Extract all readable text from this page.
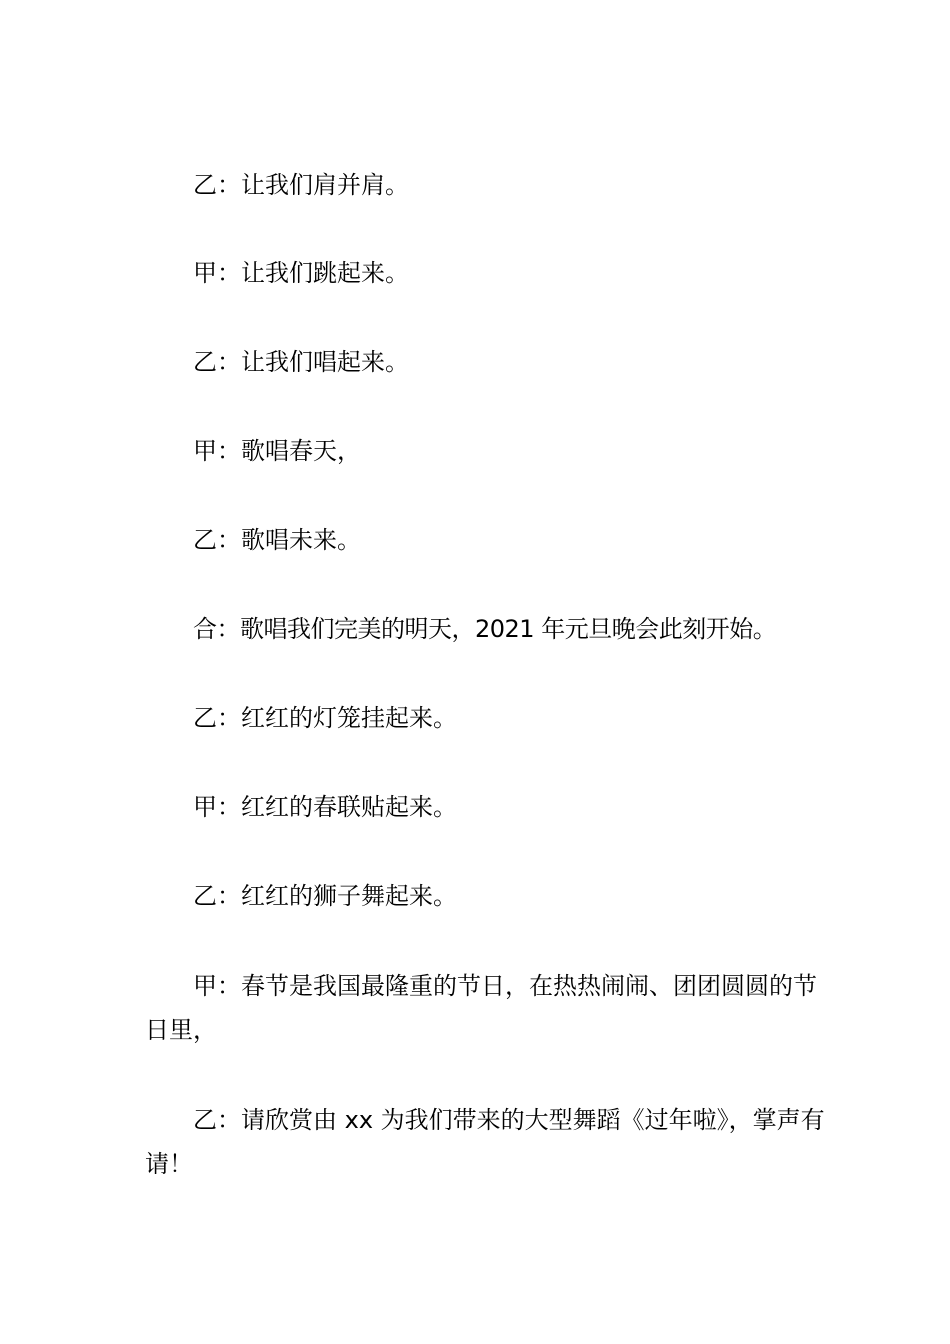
乙：让我们肩并肩。

甲：让我们跳起来。

乙：让我们唱起来。

甲：歌唱春天，

乙：歌唱未来。

合：歌唱我们完美的明天，2021 年元旦晚会此刻开始。

乙：红红的灯笼挂起来。

甲：红红的春联贴起来。

乙：红红的狮子舞起来。

甲：春节是我国最隆重的节日，在热热闹闹、团团圆圆的节日里，

乙：请欣赏由 xx 为我们带来的大型舞蹈《过年啦》，掌声有请！
